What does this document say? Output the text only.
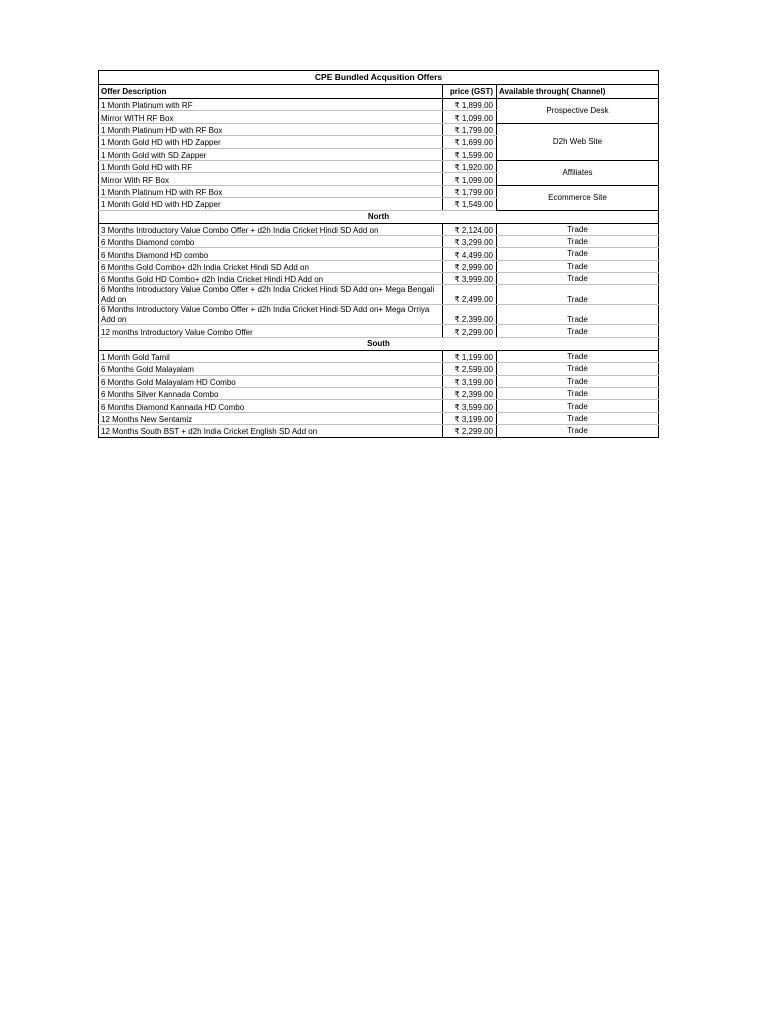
CPE Bundled Acqusition Offers		
Offer Description	price (GST)	Available through( Channel)
1 Month Platinum with RF	₹ 1,899.00	Prospective Desk
Mirror WITH RF Box	₹ 1,099.00	
1 Month Platinum HD with RF Box	₹ 1,799.00	D2h Web Site
1 Month Gold HD with HD Zapper	₹ 1,699.00	
1 Month Gold with SD Zapper	₹ 1,599.00	
1 Month Gold HD with RF	₹ 1,920.00	Affiliates
Mirror With RF Box	₹ 1,099.00	
1 Month Platinum HD with RF Box	₹ 1,799.00	Ecommerce Site
1 Month Gold HD with HD Zapper	₹ 1,549.00	
North		
3 Months Introductory Value Combo Offer + d2h India Cricket Hindi SD Add on	₹ 2,124.00	Trade
6 Months Diamond combo	₹ 3,299.00	Trade
6 Months Diamond HD combo	₹ 4,499.00	Trade
6 Months Gold Combo+ d2h India Cricket Hindi SD Add on	₹ 2,999.00	Trade
6 Months Gold HD Combo+ d2h India Cricket Hindi HD Add on	₹ 3,999.00	Trade
6 Months Introductory Value Combo Offer + d2h India Cricket Hindi SD Add on+ Mega Bengali Add on	₹ 2,499.00	Trade
6 Months Introductory Value Combo Offer + d2h India Cricket Hindi SD Add on+ Mega Orriya Add on	₹ 2,399.00	Trade
12 months Introductory Value Combo Offer	₹ 2,299.00	Trade
South		
1 Month Gold Tamil	₹ 1,199.00	Trade
6 Months Gold Malayalam	₹ 2,599.00	Trade
6 Months Gold Malayalam HD Combo	₹ 3,199.00	Trade
6 Months Silver Kannada Combo	₹ 2,399.00	Trade
6 Months Diamond Kannada HD Combo	₹ 3,599.00	Trade
12 Months New Sentamiz	₹ 3,199.00	Trade
12 Months South BST + d2h India Cricket English SD Add on	₹ 2,299.00	Trade
